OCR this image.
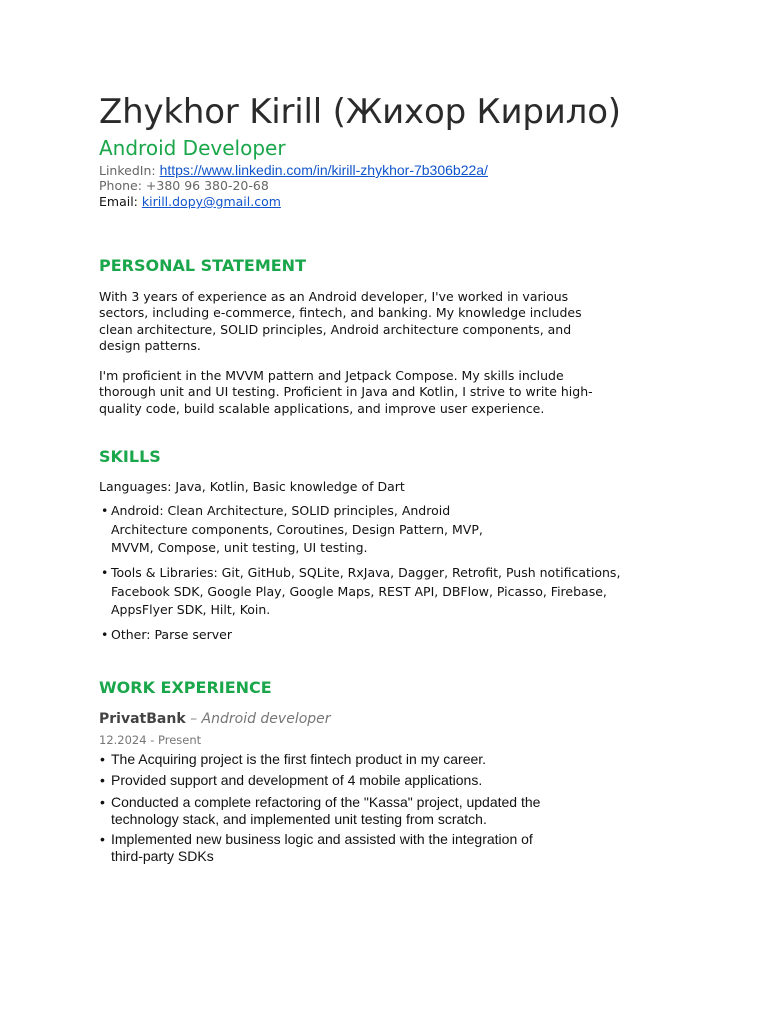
Zhykhor Kirill (Жихор Кирило)
Android Developer
LinkedIn: https://www.linkedin.com/in/kirill-zhykhor-7b306b22a/
Phone: +380 96 380-20-68
Email: kirill.dopy@gmail.com
PERSONAL STATEMENT
With 3 years of experience as an Android developer, I've worked in various sectors, including e-commerce, fintech, and banking. My knowledge includes clean architecture, SOLID principles, Android architecture components, and design patterns.
I'm proficient in the MVVM pattern and Jetpack Compose. My skills include thorough unit and UI testing. Proficient in Java and Kotlin, I strive to write high-quality code, build scalable applications, and improve user experience.
SKILLS
Languages: Java, Kotlin, Basic knowledge of Dart
• Android: Clean Architecture, SOLID principles, Android Architecture components, Coroutines, Design Pattern, MVP, MVVM, Compose, unit testing, UI testing.
• Tools & Libraries: Git, GitHub, SQLite, RxJava, Dagger, Retrofit, Push notifications, Facebook SDK, Google Play, Google Maps, REST API, DBFlow, Picasso, Firebase, AppsFlyer SDK, Hilt, Koin.
• Other: Parse server
WORK EXPERIENCE
PrivatBank – Android developer
12.2024 - Present
• The Acquiring project is the first fintech product in my career.
• Provided support and development of 4 mobile applications.
• Conducted a complete refactoring of the "Kassa" project, updated the technology stack, and implemented unit testing from scratch.
• Implemented new business logic and assisted with the integration of third-party SDKs
